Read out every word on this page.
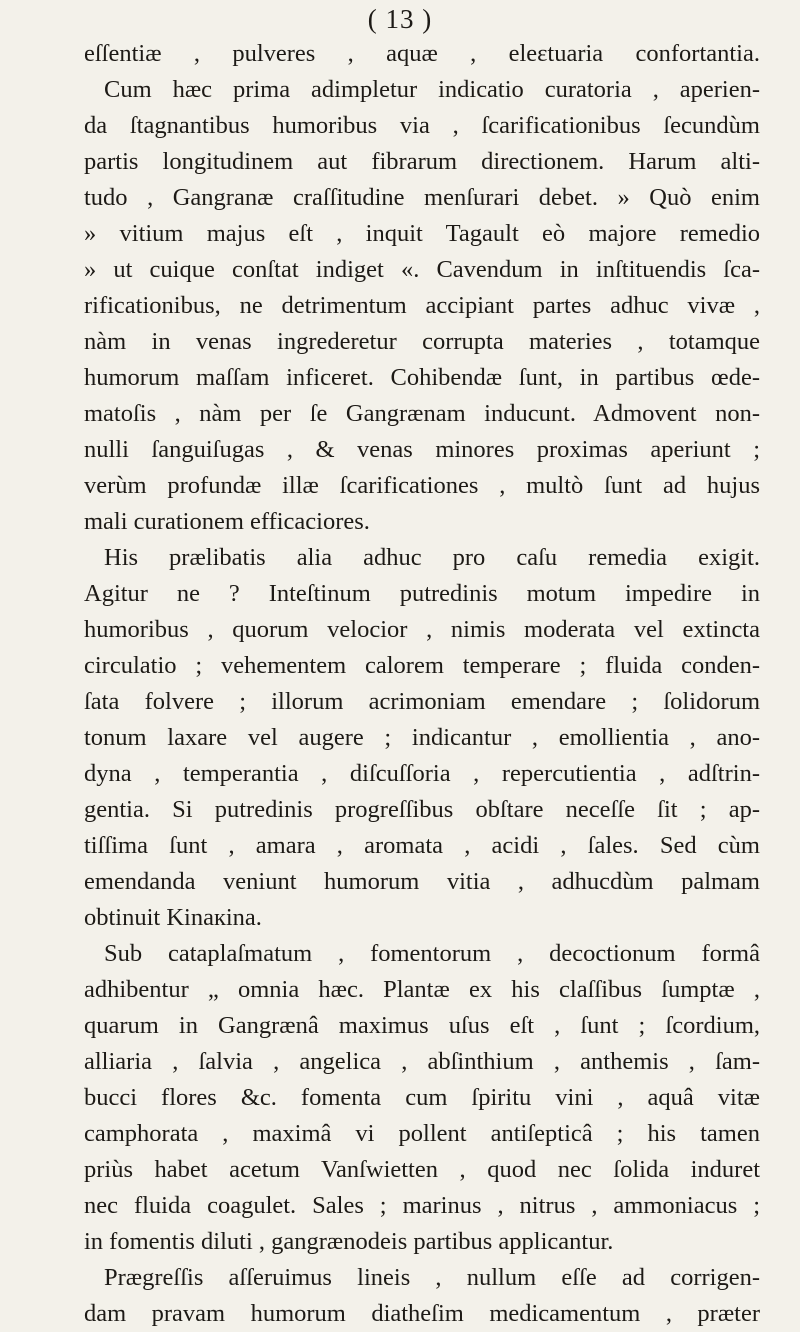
( 13 )
eſſentiæ , pulveres , aquæ , eleɛtuaria confortantia.
Cum hæc prima adimpletur indicatio curatoria , aperien-
da ſtagnantibus humoribus via , ſcarificationibus ſecundùm
partis longitudinem aut fibrarum directionem. Harum alti-
tudo , Gangranæ craſſitudine menſurari debet. » Quò enim
» vitium majus eſt , inquit Tagault eò majore remedio
» ut cuique conſtat indiget «. Cavendum in inſtituendis ſca-
rificationibus, ne detrimentum accipiant partes adhuc vivæ ,
nàm in venas ingrederetur corrupta materies , totamque
humorum maſſam inficeret. Cohibendæ ſunt, in partibus œde-
matoſis , nàm per ſe Gangrænam inducunt. Admovent non-
nulli ſanguiſugas , & venas minores proximas aperiunt ;
verùm profundæ illæ ſcarificationes , multò ſunt ad hujus
mali curationem efficaciores.
His prælibatis alia adhuc pro caſu remedia exigit.
Agitur ne ? Inteſtinum putredinis motum impedire in
humoribus , quorum velocior , nimis moderata vel extincta
circulatio ; vehementem calorem temperare ; fluida conden-
ſata folvere ; illorum acrimoniam emendare ; ſolidorum
tonum laxare vel augere ; indicantur , emollientia , ano-
dyna , temperantia , diſcuſſoria , repercutientia , adſtrin-
gentia. Si putredinis progreſſibus obſtare neceſſe ſit ; ap-
tiſſima ſunt , amara , aromata , acidi , ſales. Sed cùm
emendanda veniunt humorum vitia , adhucdùm palmam
obtinuit Kinaкina.
Sub cataplaſmatum , fomentorum , decoctionum formâ
adhibentur „ omnia hæc. Plantæ ex his claſſibus ſumptæ ,
quarum in Gangrænâ maximus uſus eſt , ſunt ; ſcordium,
alliaria , ſalvia , angelica , abſinthium , anthemis , ſam-
bucci flores &c. fomenta cum ſpiritu vini , aquâ vitæ
camphorata , maximâ vi pollent antiſepticâ ; his tamen
priùs habet acetum Vanſwietten , quod nec ſolida induret
nec fluida coagulet. Sales ; marinus , nitrus , ammoniacus ;
in fomentis diluti , gangrænodeis partibus applicantur.
Prægreſſis aſſeruimus lineis , nullum eſſe ad corrigen-
dam pravam humorum diatheſim medicamentum , præter
